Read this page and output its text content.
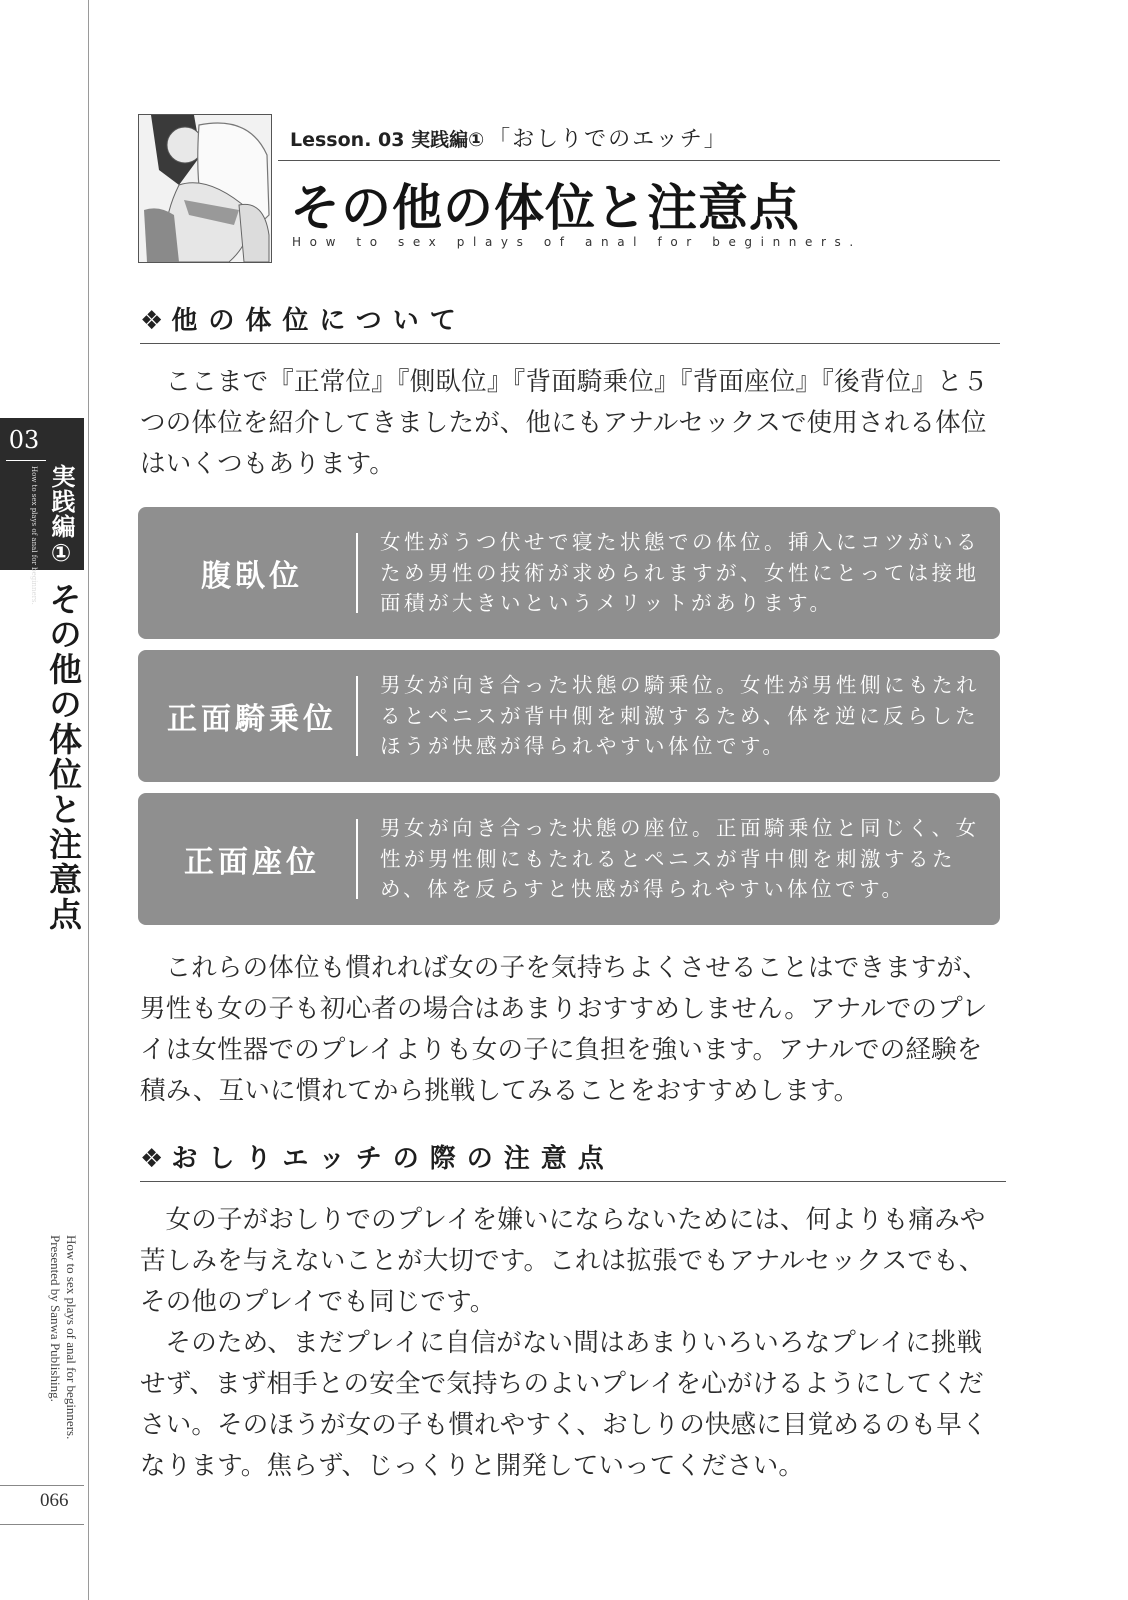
03
How to sex plays of anal for beginners. 実践編①
その他の体位と注意点
How to sex plays of anal for beginners.
Presented by Sanwa Publishing.
066
Lesson. 03 実践編① 「おしりでのエッチ」
その他の体位と注意点
How to sex plays of anal for beginners.
❖ 他の体位について

ここまで『正常位』『側臥位』『背面騎乗位』『背面座位』『後背位』と５つの体位を紹介してきましたが、他にもアナルセックスで使用される体位はいくつもあります。

腹臥位

女性がうつ伏せで寝た状態での体位。挿入にコツがいるため男性の技術が求められますが、女性にとっては接地面積が大きいというメリットがあります。

正面騎乗位

男女が向き合った状態の騎乗位。女性が男性側にもたれるとペニスが背中側を刺激するため、体を逆に反らしたほうが快感が得られやすい体位です。

正面座位

男女が向き合った状態の座位。正面騎乗位と同じく、女性が男性側にもたれるとペニスが背中側を刺激するため、体を反らすと快感が得られやすい体位です。

これらの体位も慣れれば女の子を気持ちよくさせることはできますが、男性も女の子も初心者の場合はあまりおすすめしません。アナルでのプレイは女性器でのプレイよりも女の子に負担を強います。アナルでの経験を積み、互いに慣れてから挑戦してみることをおすすめします。

❖ おしりエッチの際の注意点

女の子がおしりでのプレイを嫌いにならないためには、何よりも痛みや苦しみを与えないことが大切です。これは拡張でもアナルセックスでも、その他のプレイでも同じです。

そのため、まだプレイに自信がない間はあまりいろいろなプレイに挑戦せず、まず相手との安全で気持ちのよいプレイを心がけるようにしてください。そのほうが女の子も慣れやすく、おしりの快感に目覚めるのも早くなります。焦らず、じっくりと開発していってください。
